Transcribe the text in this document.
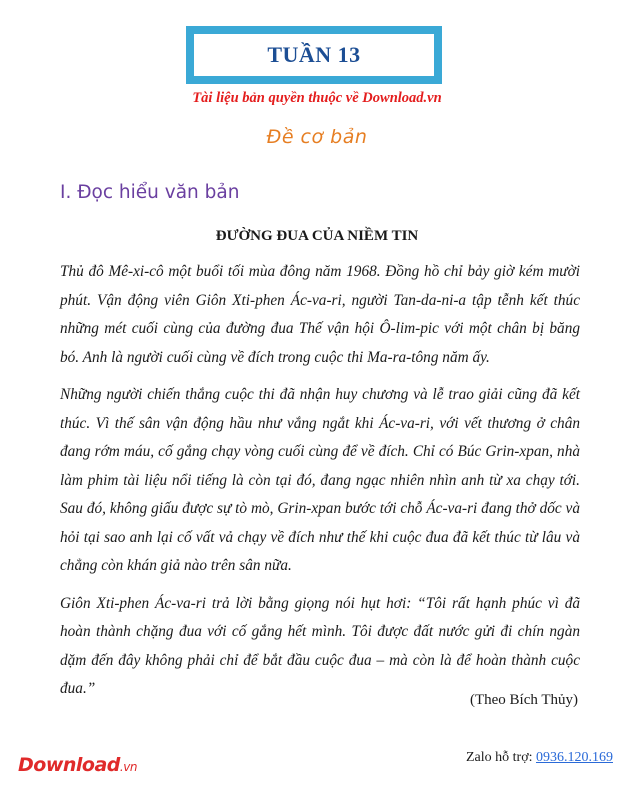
TUẦN 13
Tài liệu bản quyền thuộc về Download.vn
Đề cơ bản
I. Đọc hiểu văn bản
ĐƯỜNG ĐUA CỦA NIỀM TIN

Thủ đô Mê-xi-cô một buổi tối mùa đông năm 1968. Đồng hồ chỉ bảy giờ kém mười phút. Vận động viên Giôn Xti-phen Ác-va-ri, người Tan-da-ni-a tập tễnh kết thúc những mét cuối cùng của đường đua Thế vận hội Ô-lim-pic với một chân bị băng bó. Anh là người cuối cùng về đích trong cuộc thi Ma-ra-tông năm ấy.

Những người chiến thắng cuộc thi đã nhận huy chương và lễ trao giải cũng đã kết thúc. Vì thế sân vận động hầu như vắng ngắt khi Ác-va-ri, với vết thương ở chân đang rớm máu, cố gắng chạy vòng cuối cùng để về đích. Chỉ có Búc Grin-xpan, nhà làm phim tài liệu nổi tiếng là còn tại đó, đang ngạc nhiên nhìn anh từ xa chạy tới. Sau đó, không giấu được sự tò mò, Grin-xpan bước tới chỗ Ác-va-ri đang thở dốc và hỏi tại sao anh lại cố vất vả chạy về đích như thế khi cuộc đua đã kết thúc từ lâu và chẳng còn khán giả nào trên sân nữa.

Giôn Xti-phen Ác-va-ri trả lời bằng giọng nói hụt hơi: “Tôi rất hạnh phúc vì đã hoàn thành chặng đua với cố gắng hết mình. Tôi được đất nước gửi đi chín ngàn dặm đến đây không phải chỉ để bắt đầu cuộc đua – mà còn là để hoàn thành cuộc đua.”

(Theo Bích Thủy)
Download.vn
Zalo hỗ trợ: 0936.120.169
